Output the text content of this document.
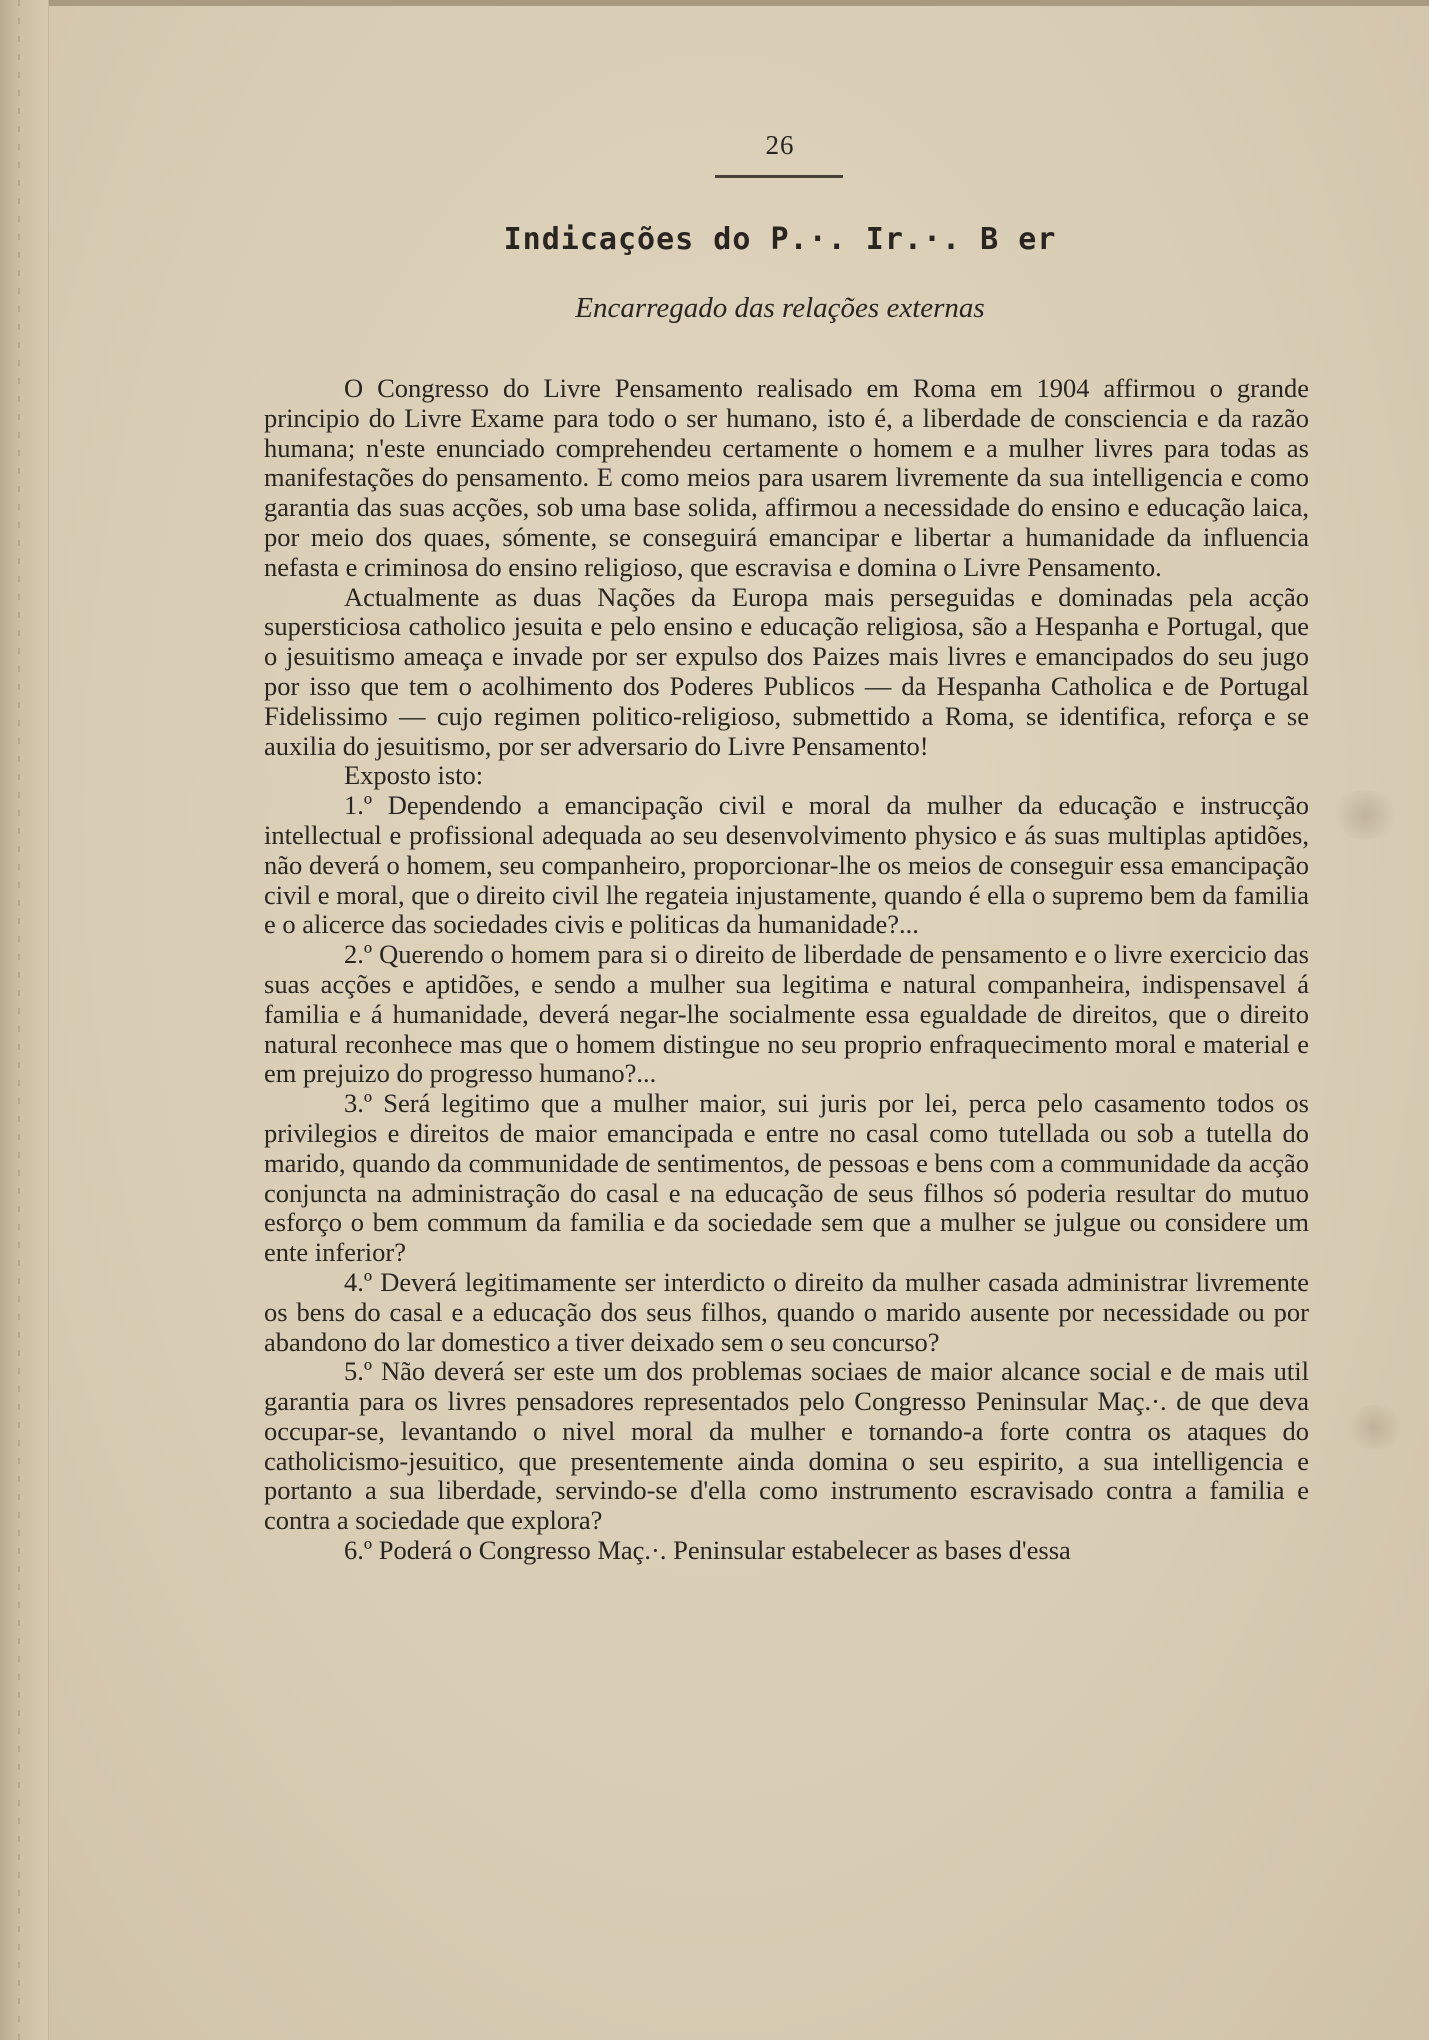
26
Indicações do P.·. Ir.·. B er
Encarregado das relações externas

O Congresso do Livre Pensamento realisado em Roma em 1904 affirmou o grande principio do Livre Exame para todo o ser humano, isto é, a liberdade de consciencia e da razão humana; n'este enunciado comprehendeu certamente o homem e a mulher livres para todas as manifestações do pensamento. E como meios para usarem livremente da sua intelligencia e como garantia das suas acções, sob uma base solida, affirmou a necessidade do ensino e educação laica, por meio dos quaes, sómente, se conseguirá emancipar e libertar a humanidade da influencia nefasta e criminosa do ensino religioso, que escravisa e domina o Livre Pensamento.

Actualmente as duas Nações da Europa mais perseguidas e dominadas pela acção supersticiosa catholico jesuita e pelo ensino e educação religiosa, são a Hespanha e Portugal, que o jesuitismo ameaça e invade por ser expulso dos Paizes mais livres e emancipados do seu jugo por isso que tem o acolhimento dos Poderes Publicos — da Hespanha Catholica e de Portugal Fidelissimo — cujo regimen politico-religioso, submettido a Roma, se identifica, reforça e se auxilia do jesuitismo, por ser adversario do Livre Pensamento!

Exposto isto:

1.º Dependendo a emancipação civil e moral da mulher da educação e instrucção intellectual e profissional adequada ao seu desenvolvimento physico e ás suas multiplas aptidões, não deverá o homem, seu companheiro, proporcionar-lhe os meios de conseguir essa emancipação civil e moral, que o direito civil lhe regateia injustamente, quando é ella o supremo bem da familia e o alicerce das sociedades civis e politicas da humanidade?...

2.º Querendo o homem para si o direito de liberdade de pensamento e o livre exercicio das suas acções e aptidões, e sendo a mulher sua legitima e natural companheira, indispensavel á familia e á humanidade, deverá negar-lhe socialmente essa egualdade de direitos, que o direito natural reconhece mas que o homem distingue no seu proprio enfraquecimento moral e material e em prejuizo do progresso humano?...

3.º Será legitimo que a mulher maior, sui juris por lei, perca pelo casamento todos os privilegios e direitos de maior emancipada e entre no casal como tutellada ou sob a tutella do marido, quando da communidade de sentimentos, de pessoas e bens com a communidade da acção conjuncta na administração do casal e na educação de seus filhos só poderia resultar do mutuo esforço o bem commum da familia e da sociedade sem que a mulher se julgue ou considere um ente inferior?

4.º Deverá legitimamente ser interdicto o direito da mulher casada administrar livremente os bens do casal e a educação dos seus filhos, quando o marido ausente por necessidade ou por abandono do lar domestico a tiver deixado sem o seu concurso?

5.º Não deverá ser este um dos problemas sociaes de maior alcance social e de mais util garantia para os livres pensadores representados pelo Congresso Peninsular Maç.·. de que deva occupar-se, levantando o nivel moral da mulher e tornando-a forte contra os ataques do catholicismo-jesuitico, que presentemente ainda domina o seu espirito, a sua intelligencia e portanto a sua liberdade, servindo-se d'ella como instrumento escravisado contra a familia e contra a sociedade que explora?

6.º Poderá o Congresso Maç.·. Peninsular estabelecer as bases d'essa
